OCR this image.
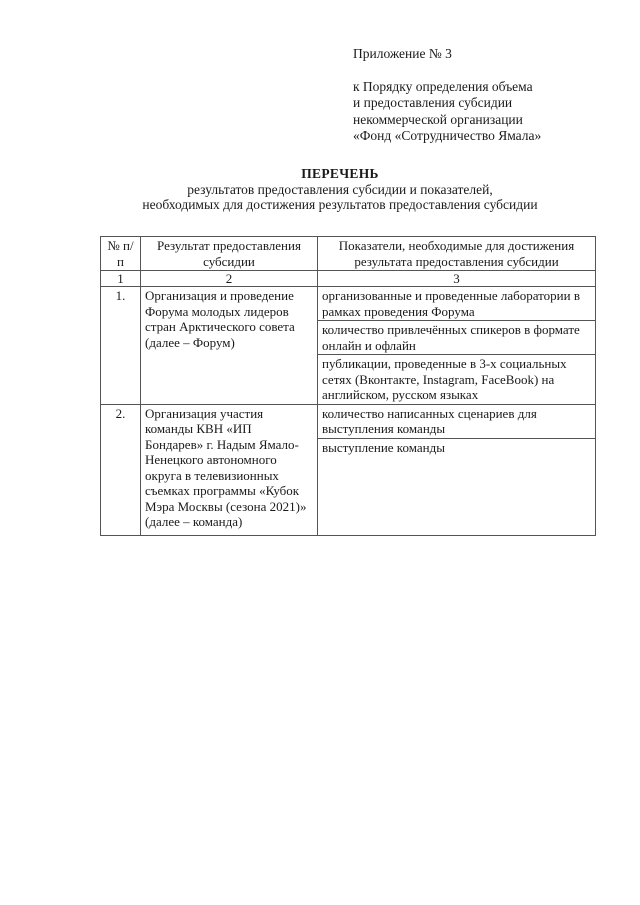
Приложение № 3
к Порядку определения объема
и предоставления субсидии
некоммерческой организации
«Фонд «Сотрудничество Ямала»
ПЕРЕЧЕНЬ
результатов предоставления субсидии и показателей,
необходимых для достижения результатов предоставления субсидии
№ п/п	Результат предоставления субсидии	Показатели, необходимые для достижения результата предоставления субсидии
1	2	3
1.	Организация и проведение Форума молодых лидеров стран Арктического совета (далее – Форум)	организованные и проведенные лаборатории в рамках проведения Форума
		количество привлечённых спикеров в формате онлайн и офлайн
		публикации, проведенные в 3-х социальных сетях (Вконтакте, Instagram, FaceBook) на английском, русском языках
2.	Организация участия команды КВН «ИП Бондарев» г. Надым Ямало-Ненецкого автономного округа в телевизионных съемках программы «Кубок Мэра Москвы (сезона 2021)» (далее – команда)	количество написанных сценариев для выступления команды
		выступление команды
